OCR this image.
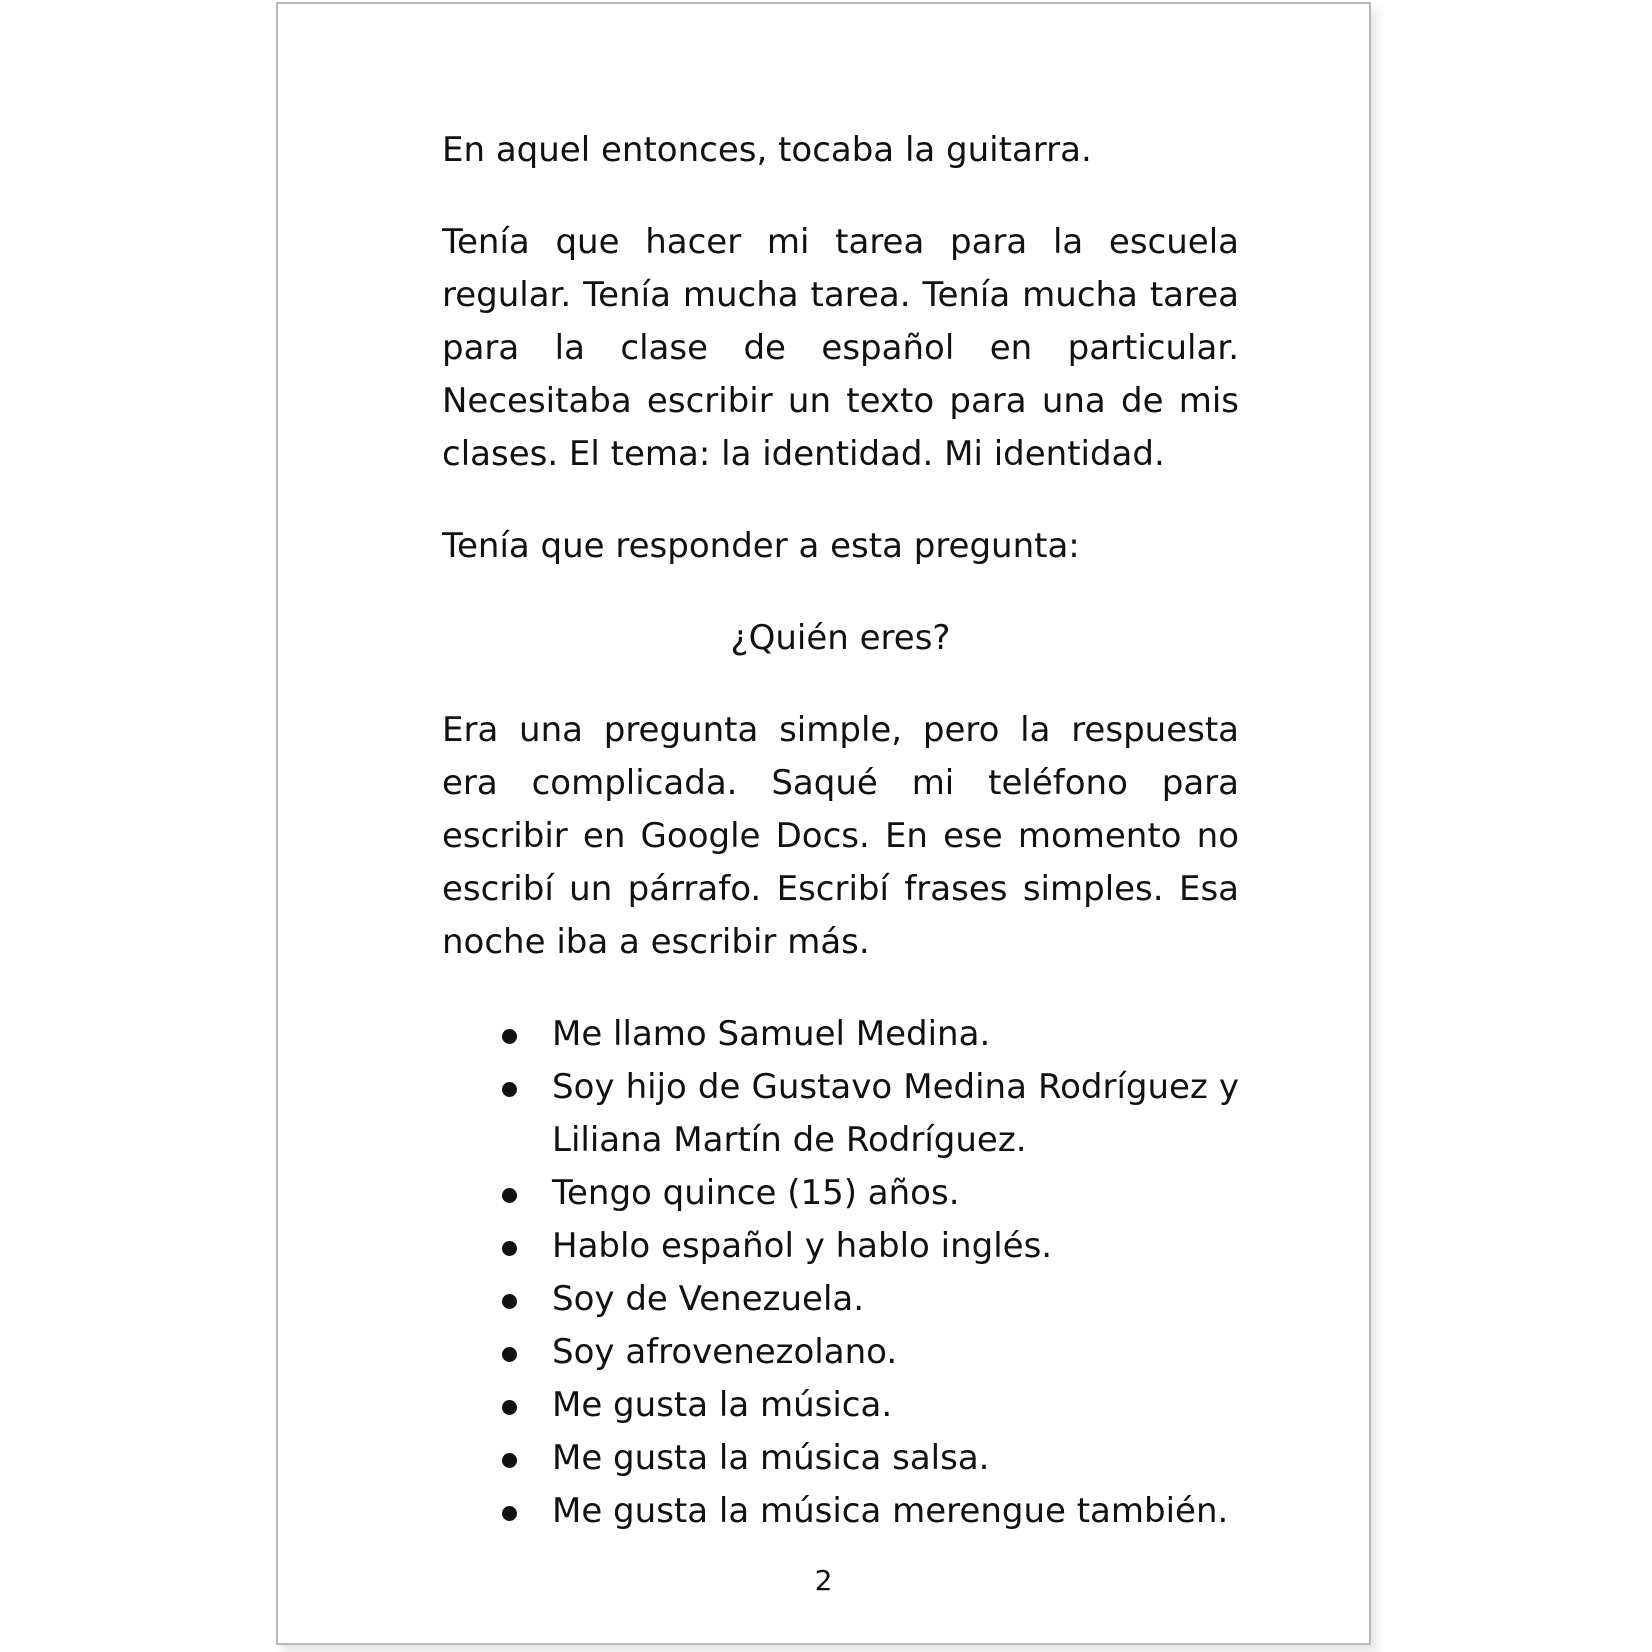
En aquel entonces, tocaba la guitarra.

Tenía que hacer mi tarea para la escuela regular. Tenía mucha tarea. Tenía mucha tarea para la clase de español en particular. Necesitaba escribir un texto para una de mis clases. El tema: la identidad. Mi identidad.

Tenía que responder a esta pregunta:

¿Quién eres?

Era una pregunta simple, pero la respuesta era complicada. Saqué mi teléfono para escribir en Google Docs. En ese momento no escribí un párrafo. Escribí frases simples. Esa noche iba a escribir más.

Me llamo Samuel Medina.
Soy hijo de Gustavo Medina Rodríguez y Liliana Martín de Rodríguez.
Tengo quince (15) años.
Hablo español y hablo inglés.
Soy de Venezuela.
Soy afrovenezolano.
Me gusta la música.
Me gusta la música salsa.
Me gusta la música merengue también.
2
